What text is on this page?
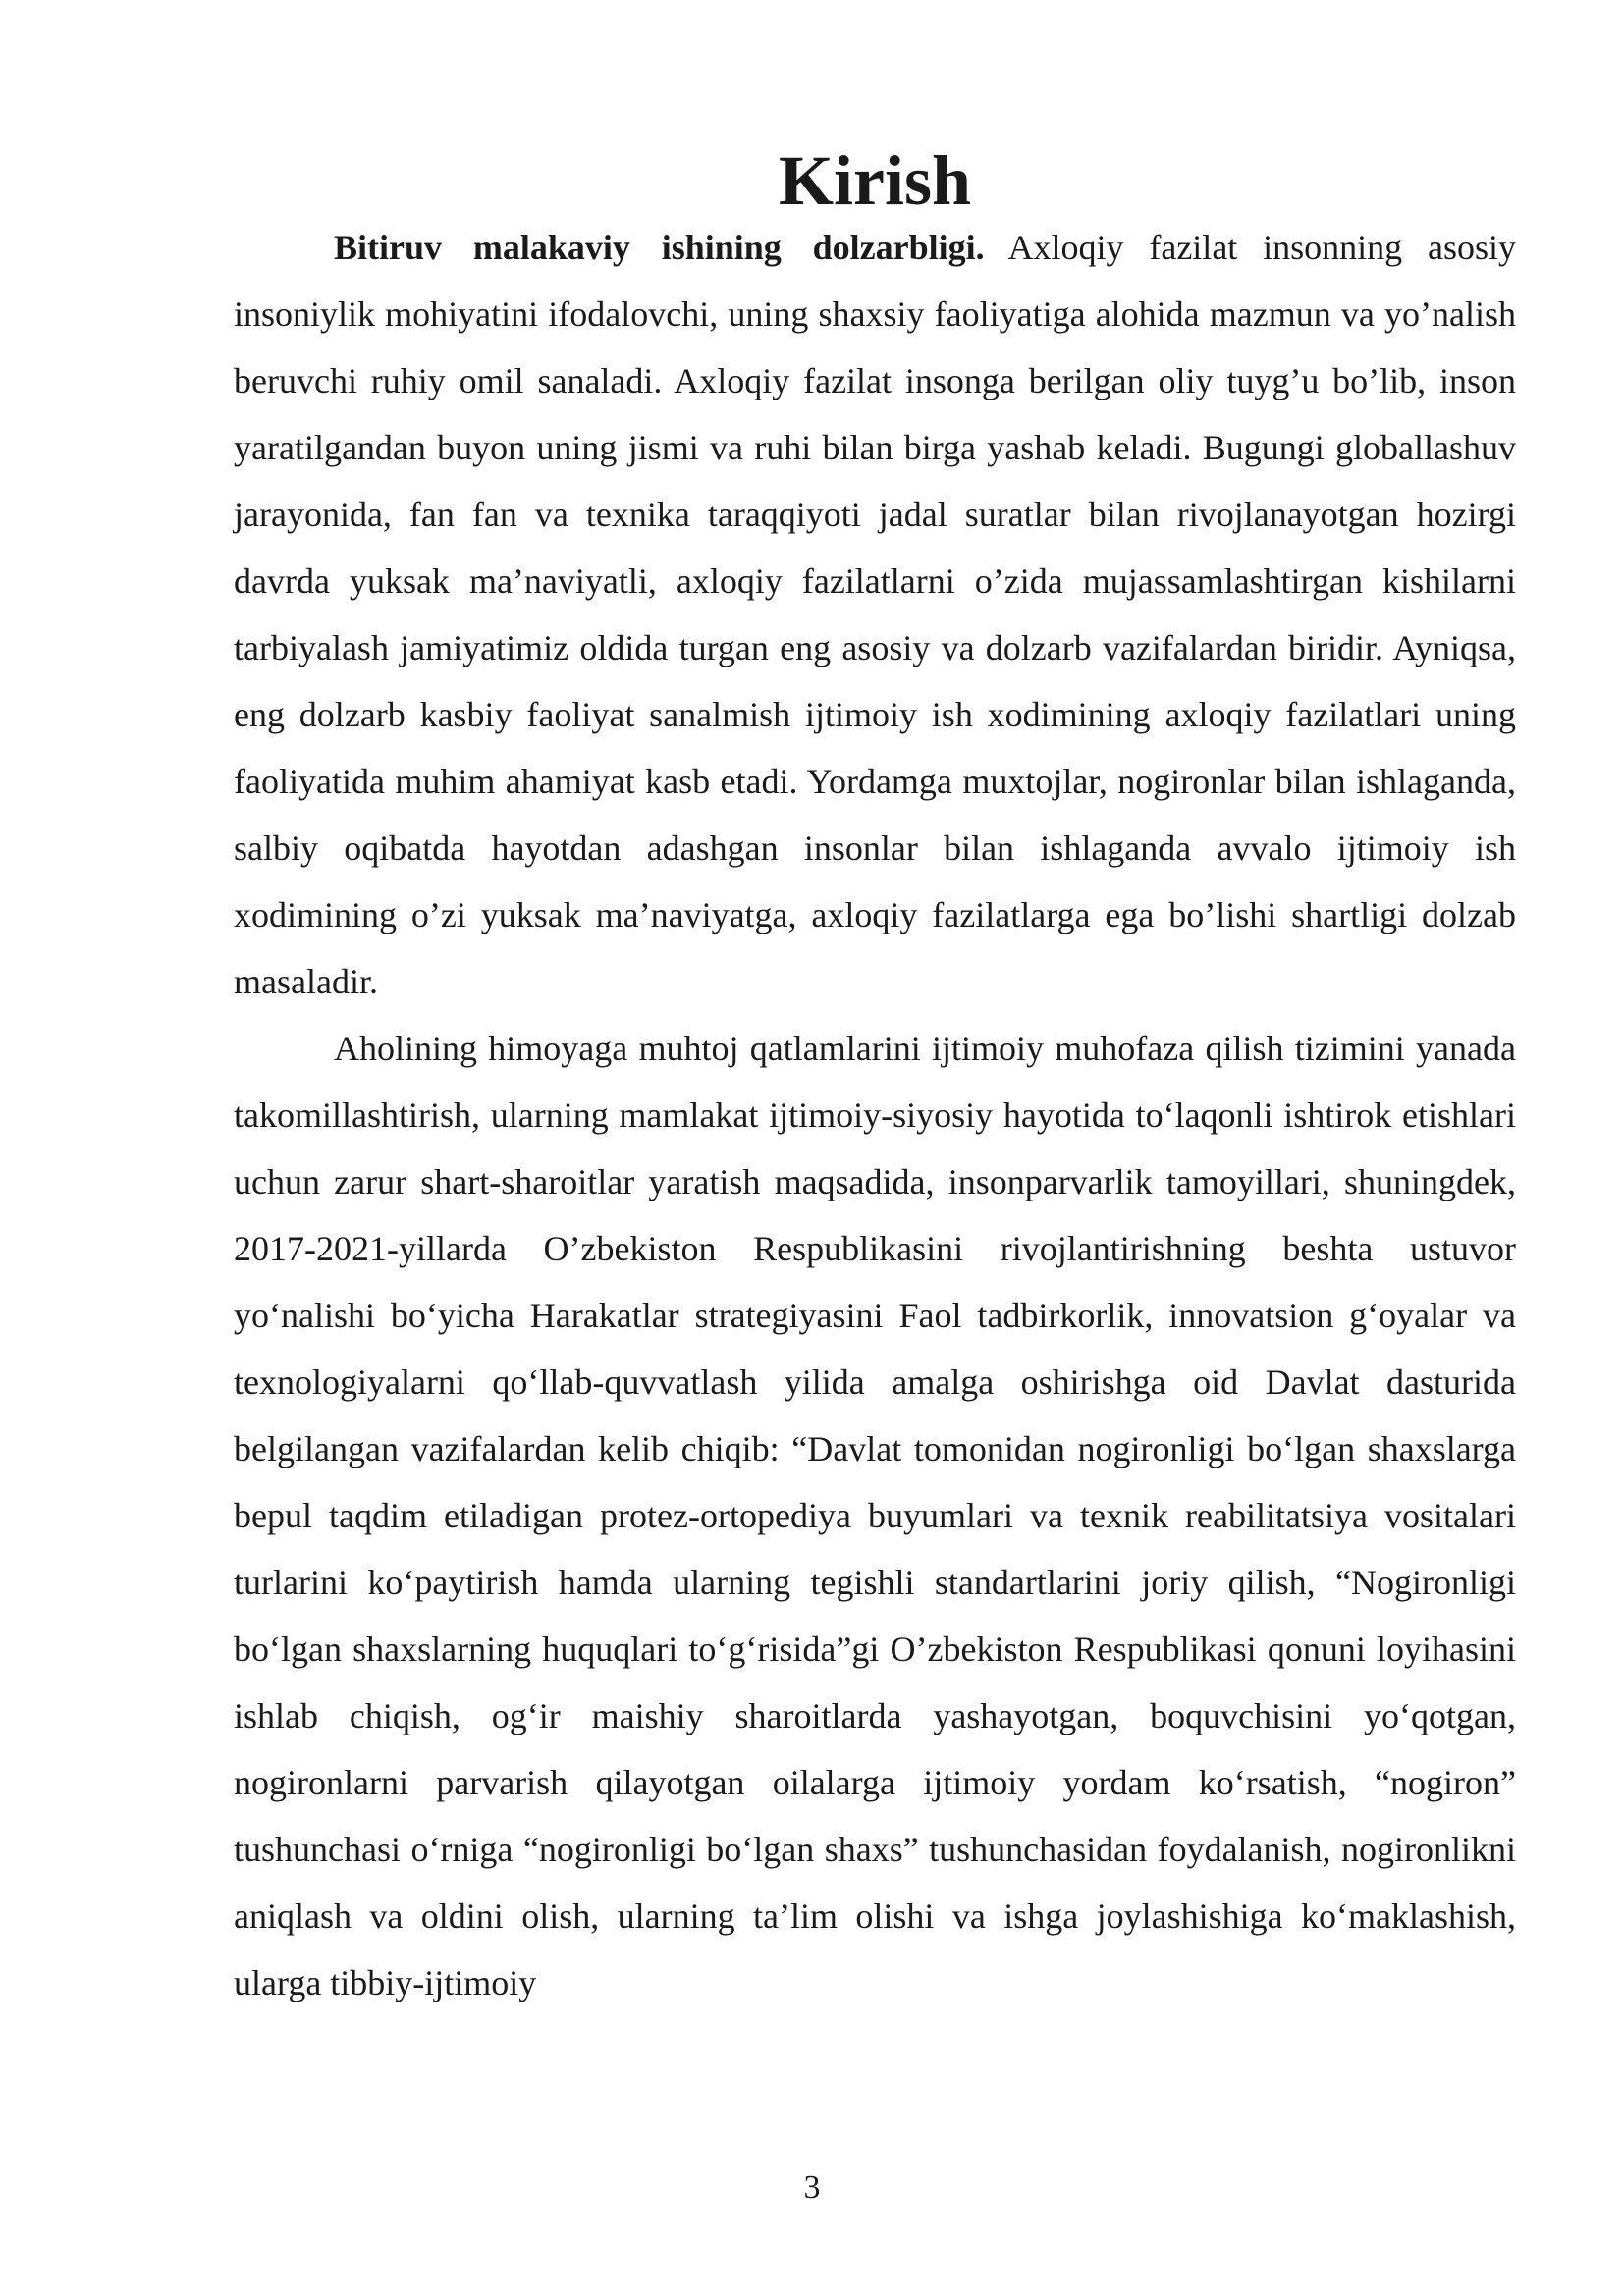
Kirish

Bitiruv malakaviy ishining dolzarbligi. Axloqiy fazilat insonning asosiy insoniylik mohiyatini ifodalovchi, uning shaxsiy faoliyatiga alohida mazmun va yo’nalish beruvchi ruhiy omil sanaladi. Axloqiy fazilat insonga berilgan oliy tuyg’u bo’lib, inson yaratilgandan buyon uning jismi va ruhi bilan birga yashab keladi. Bugungi globallashuv jarayonida, fan fan va texnika taraqqiyoti jadal suratlar bilan rivojlanayotgan hozirgi davrda yuksak ma’naviyatli, axloqiy fazilatlarni o’zida mujassamlashtirgan kishilarni tarbiyalash jamiyatimiz oldida turgan eng asosiy va dolzarb vazifalardan biridir. Ayniqsa, eng dolzarb kasbiy faoliyat sanalmish ijtimoiy ish xodimining axloqiy fazilatlari uning faoliyatida muhim ahamiyat kasb etadi. Yordamga muxtojlar, nogironlar bilan ishlaganda, salbiy oqibatda hayotdan adashgan insonlar bilan ishlaganda avvalo ijtimoiy ish xodimining o’zi yuksak ma’naviyatga, axloqiy fazilatlarga ega bo’lishi shartligi dolzab masaladir.

Aholining himoyaga muhtoj qatlamlarini ijtimoiy muhofaza qilish tizimini yanada takomillashtirish, ularning mamlakat ijtimoiy-siyosiy hayotida to‘laqonli ishtirok etishlari uchun zarur shart-sharoitlar yaratish maqsadida, insonparvarlik tamoyillari, shuningdek, 2017-2021-yillarda O’zbekiston Respublikasini rivojlantirishning beshta ustuvor yo‘nalishi bo‘yicha Harakatlar strategiyasini Faol tadbirkorlik, innovatsion g‘oyalar va texnologiyalarni qo‘llab-quvvatlash yilida amalga oshirishga oid Davlat dasturida belgilangan vazifalardan kelib chiqib: “Davlat tomonidan nogironligi bo‘lgan shaxslarga bepul taqdim etiladigan protez-ortopediya buyumlari va texnik reabilitatsiya vositalari turlarini ko‘paytirish hamda ularning tegishli standartlarini joriy qilish, “Nogironligi bo‘lgan shaxslarning huquqlari to‘g‘risida”gi O’zbekiston Respublikasi qonuni loyihasini ishlab chiqish, og‘ir maishiy sharoitlarda yashayotgan, boquvchisini yo‘qotgan, nogironlarni parvarish qilayotgan oilalarga ijtimoiy yordam ko‘rsatish, “nogiron” tushunchasi o‘rniga “nogironligi bo‘lgan shaxs” tushunchasidan foydalanish, nogironlikni aniqlash va oldini olish, ularning ta’lim olishi va ishga joylashishiga ko‘maklashish, ularga tibbiy-ijtimoiy

3
